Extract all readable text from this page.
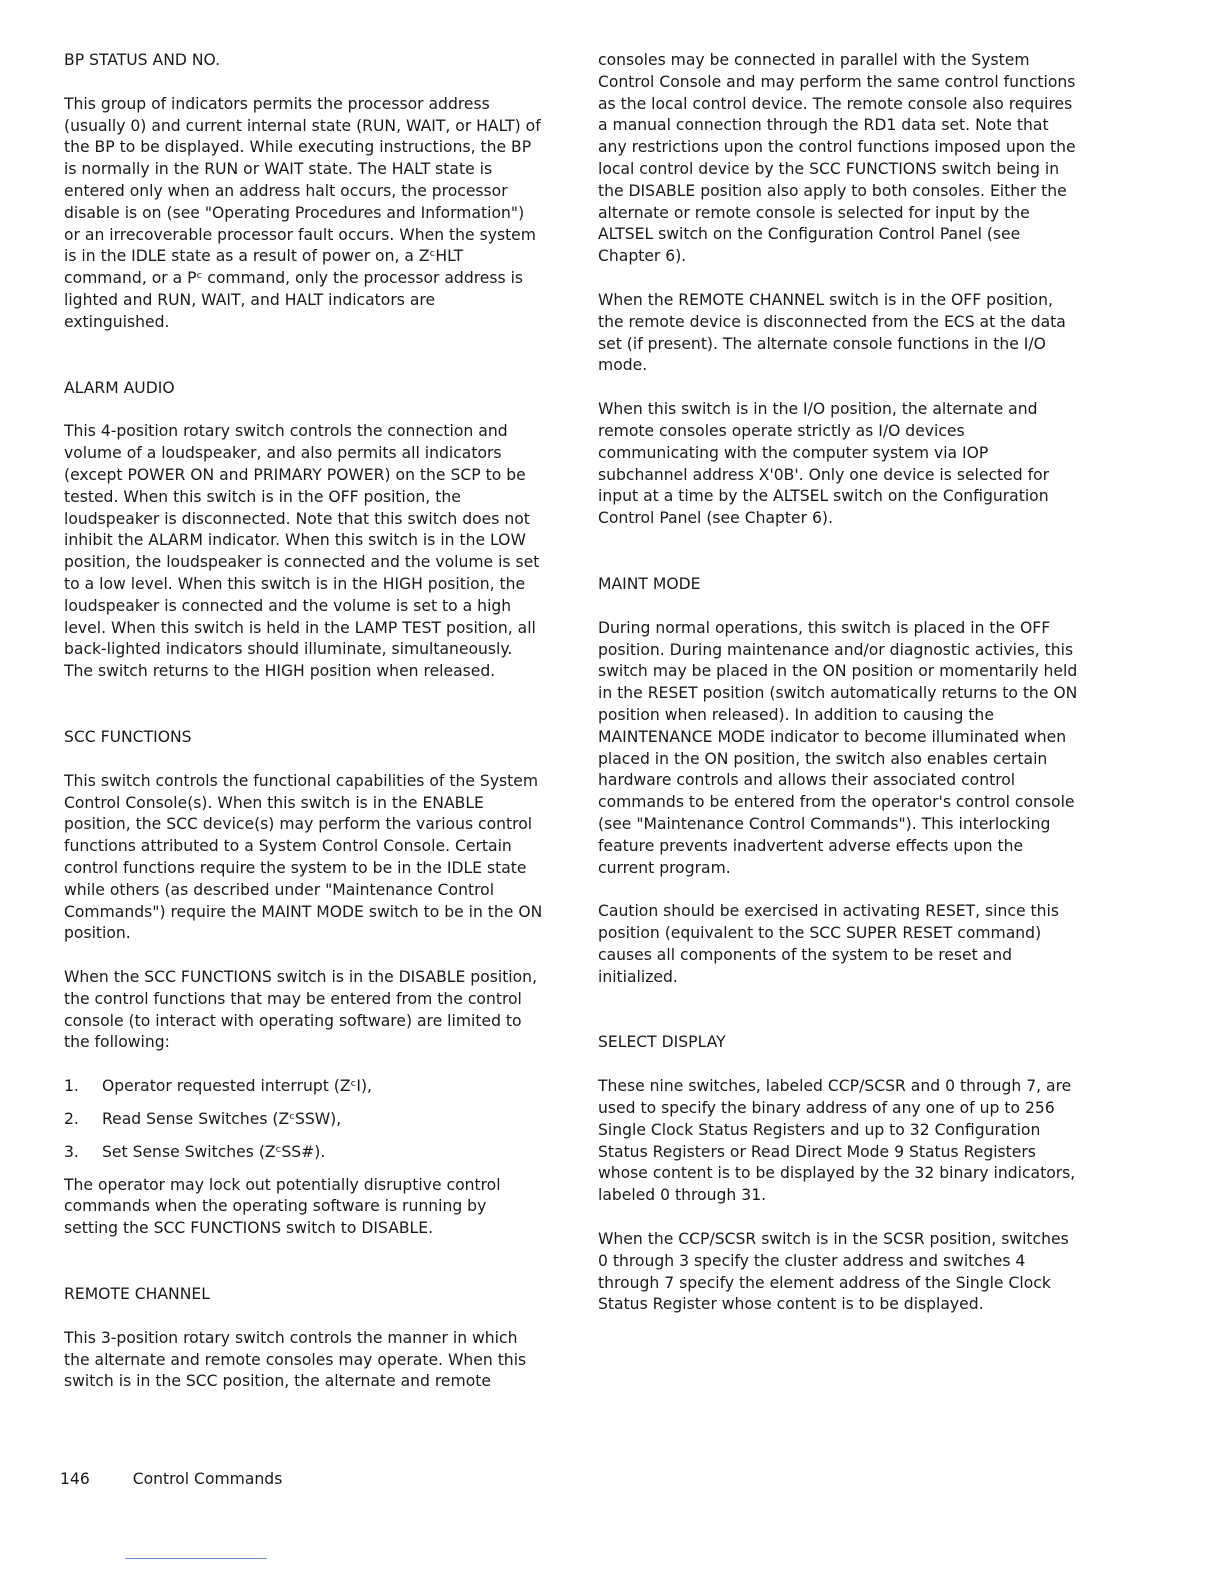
BP STATUS AND NO.

This group of indicators permits the processor address (usually 0) and current internal state (RUN, WAIT, or HALT) of the BP to be displayed. While executing instructions, the BP is normally in the RUN or WAIT state. The HALT state is entered only when an address halt occurs, the processor disable is on (see "Operating Procedures and Information") or an irrecoverable processor fault occurs. When the system is in the IDLE state as a result of power on, a ZᶜHLT command, or a Pᶜ command, only the processor address is lighted and RUN, WAIT, and HALT indicators are extinguished.

ALARM AUDIO

This 4-position rotary switch controls the connection and volume of a loudspeaker, and also permits all indicators (except POWER ON and PRIMARY POWER) on the SCP to be tested. When this switch is in the OFF position, the loudspeaker is disconnected. Note that this switch does not inhibit the ALARM indicator. When this switch is in the LOW position, the loudspeaker is connected and the volume is set to a low level. When this switch is in the HIGH position, the loudspeaker is connected and the volume is set to a high level. When this switch is held in the LAMP TEST position, all back-lighted indicators should illuminate, simultaneously. The switch returns to the HIGH position when released.

SCC FUNCTIONS

This switch controls the functional capabilities of the System Control Console(s). When this switch is in the ENABLE position, the SCC device(s) may perform the various control functions attributed to a System Control Console. Certain control functions require the system to be in the IDLE state while others (as described under "Maintenance Control Commands") require the MAINT MODE switch to be in the ON position.

When the SCC FUNCTIONS switch is in the DISABLE position, the control functions that may be entered from the control console (to interact with operating software) are limited to the following:

1.	Operator requested interrupt (ZᶜI),
2.	Read Sense Switches (ZᶜSSW),
3.	Set Sense Switches (ZᶜSS#).

The operator may lock out potentially disruptive control commands when the operating software is running by setting the SCC FUNCTIONS switch to DISABLE.

REMOTE CHANNEL

This 3-position rotary switch controls the manner in which the alternate and remote consoles may operate. When this switch is in the SCC position, the alternate and remote

consoles may be connected in parallel with the System Control Console and may perform the same control functions as the local control device. The remote console also requires a manual connection through the RD1 data set. Note that any restrictions upon the control functions imposed upon the local control device by the SCC FUNCTIONS switch being in the DISABLE position also apply to both consoles. Either the alternate or remote console is selected for input by the ALTSEL switch on the Configuration Control Panel (see Chapter 6).

When the REMOTE CHANNEL switch is in the OFF position, the remote device is disconnected from the ECS at the data set (if present). The alternate console functions in the I/O mode.

When this switch is in the I/O position, the alternate and remote consoles operate strictly as I/O devices communicating with the computer system via IOP subchannel address X'0B'. Only one device is selected for input at a time by the ALTSEL switch on the Configuration Control Panel (see Chapter 6).

MAINT MODE

During normal operations, this switch is placed in the OFF position. During maintenance and/or diagnostic activies, this switch may be placed in the ON position or momentarily held in the RESET position (switch automatically returns to the ON position when released). In addition to causing the MAINTENANCE MODE indicator to become illuminated when placed in the ON position, the switch also enables certain hardware controls and allows their associated control commands to be entered from the operator's control console (see "Maintenance Control Commands"). This interlocking feature prevents inadvertent adverse effects upon the current program.

Caution should be exercised in activating RESET, since this position (equivalent to the SCC SUPER RESET command) causes all components of the system to be reset and initialized.

SELECT DISPLAY

These nine switches, labeled CCP/SCSR and 0 through 7, are used to specify the binary address of any one of up to 256 Single Clock Status Registers and up to 32 Configuration Status Registers or Read Direct Mode 9 Status Registers whose content is to be displayed by the 32 binary indicators, labeled 0 through 31.

When the CCP/SCSR switch is in the SCSR position, switches 0 through 3 specify the cluster address and switches 4 through 7 specify the element address of the Single Clock Status Register whose content is to be displayed.

146	Control Commands
